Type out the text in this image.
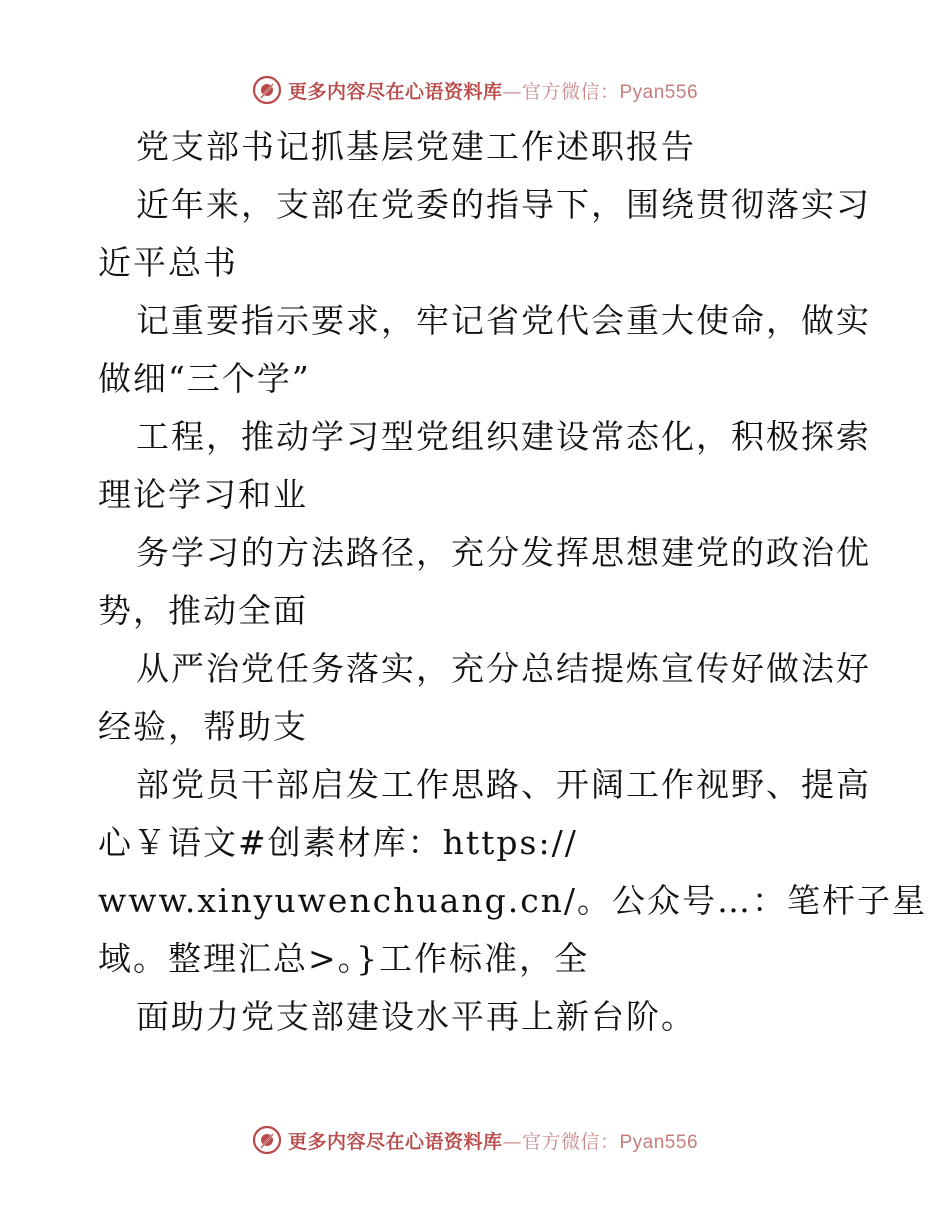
更多内容尽在心语资料库—官方微信：Pyan556
党支部书记抓基层党建工作述职报告
近年来，支部在党委的指导下，围绕贯彻落实习
近平总书
记重要指示要求，牢记省党代会重大使命，做实
做细“三个学”
工程，推动学习型党组织建设常态化，积极探索
理论学习和业
务学习的方法路径，充分发挥思想建党的政治优
势，推动全面
从严治党任务落实，充分总结提炼宣传好做法好
经验，帮助支
部党员干部启发工作思路、开阔工作视野、提高
心￥语文#创素材库：https://
www.xinyuwenchuang.cn/。公众号…：笔杆子星
域。整理汇总>。}工作标准，全
面助力党支部建设水平再上新台阶。
更多内容尽在心语资料库—官方微信：Pyan556
